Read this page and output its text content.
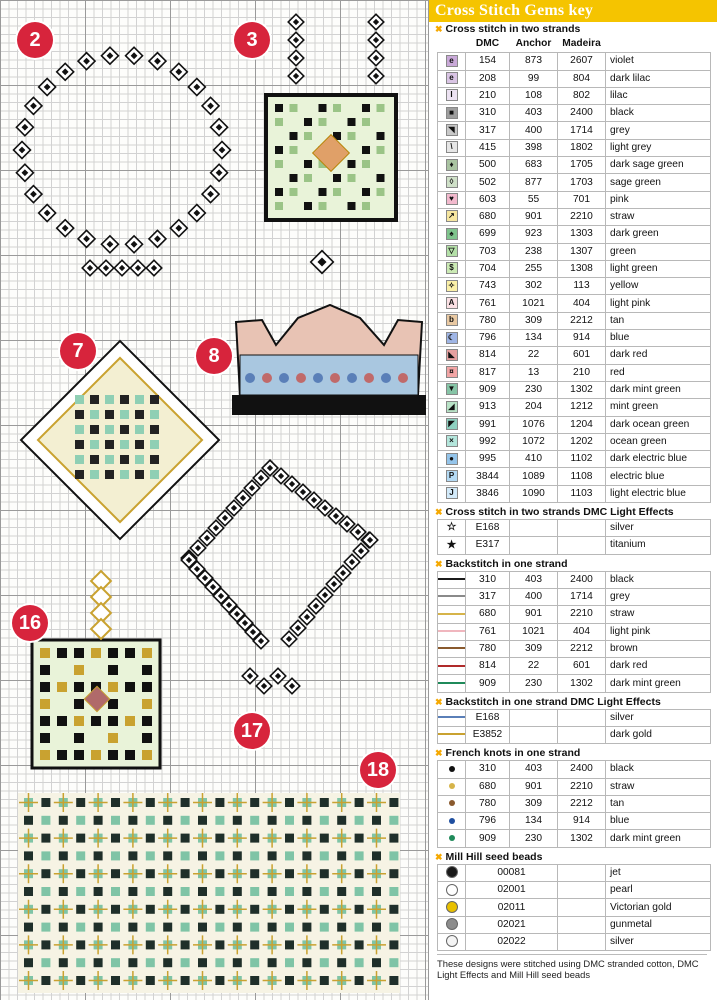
2	3
7	8
16
17
18
Cross Stitch Gems key
✖ Cross stitch in two strands
	DMC	Anchor	Madeira	
e	154	873	2607	violet
e	208	99	804	dark lilac
I	210	108	802	lilac
■	310	403	2400	black
◥	317	400	1714	grey
\	415	398	1802	light grey
♦	500	683	1705	dark sage green
◊	502	877	1703	sage green
♥	603	55	701	pink
↗	680	901	2210	straw
♠	699	923	1303	dark green
▽	703	238	1307	green
$	704	255	1308	light green
✧	743	302	113	yellow
A	761	1021	404	light pink
b	780	309	2212	tan
☾	796	134	914	blue
◣	814	22	601	dark red
¤	817	13	210	red
▼	909	230	1302	dark mint green
◢	913	204	1212	mint green
◤	991	1076	1204	dark ocean green
×	992	1072	1202	ocean green
●	995	410	1102	dark electric blue
P	3844	1089	1108	electric blue
J	3846	1090	1103	light electric blue
✖ Cross stitch in two strands DMC Light Effects
☆	E168			silver
★	E317			titanium
✖ Backstitch in one strand
	310	403	2400	black
	317	400	1714	grey
	680	901	2210	straw
	761	1021	404	light pink
	780	309	2212	brown
	814	22	601	dark red
	909	230	1302	dark mint green
✖ Backstitch in one strand DMC Light Effects
	E168			silver
	E3852			dark gold
✖ French knots in one strand
	310	403	2400	black
	680	901	2210	straw
	780	309	2212	tan
	796	134	914	blue
	909	230	1302	dark mint green
✖ Mill Hill seed beads
	00081		jet
	02001		pearl
	02011		Victorian gold
	02021		gunmetal
	02022		silver
These designs were stitched using DMC stranded cotton, DMC Light Effects and Mill Hill seed beads
